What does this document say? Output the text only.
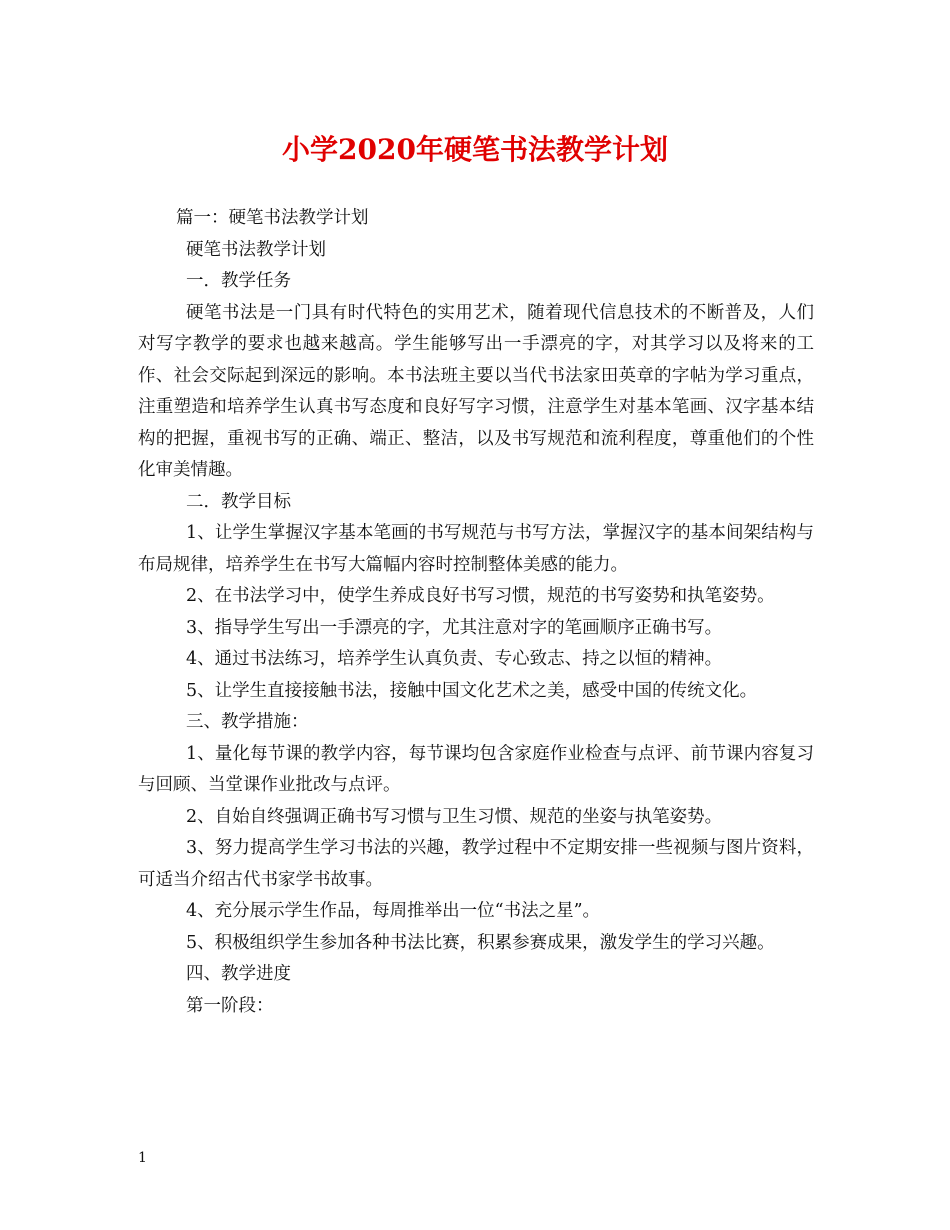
小学2020年硬笔书法教学计划

篇一：硬笔书法教学计划

硬笔书法教学计划

一．教学任务

硬笔书法是一门具有时代特色的实用艺术，随着现代信息技术的不断普及，人们对写字教学的要求也越来越高。学生能够写出一手漂亮的字，对其学习以及将来的工作、社会交际起到深远的影响。本书法班主要以当代书法家田英章的字帖为学习重点，注重塑造和培养学生认真书写态度和良好写字习惯，注意学生对基本笔画、汉字基本结构的把握，重视书写的正确、端正、整洁，以及书写规范和流利程度，尊重他们的个性化审美情趣。

二．教学目标

1、让学生掌握汉字基本笔画的书写规范与书写方法，掌握汉字的基本间架结构与布局规律，培养学生在书写大篇幅内容时控制整体美感的能力。

2、在书法学习中，使学生养成良好书写习惯，规范的书写姿势和执笔姿势。

3、指导学生写出一手漂亮的字，尤其注意对字的笔画顺序正确书写。

4、通过书法练习，培养学生认真负责、专心致志、持之以恒的精神。

5、让学生直接接触书法，接触中国文化艺术之美，感受中国的传统文化。

三、教学措施：

1、量化每节课的教学内容，每节课均包含家庭作业检查与点评、前节课内容复习与回顾、当堂课作业批改与点评。

2、自始自终强调正确书写习惯与卫生习惯、规范的坐姿与执笔姿势。

3、努力提高学生学习书法的兴趣，教学过程中不定期安排一些视频与图片资料，可适当介绍古代书家学书故事。

4、充分展示学生作品，每周推举出一位“书法之星”。

5、积极组织学生参加各种书法比赛，积累参赛成果，激发学生的学习兴趣。

四、教学进度

第一阶段：

1
